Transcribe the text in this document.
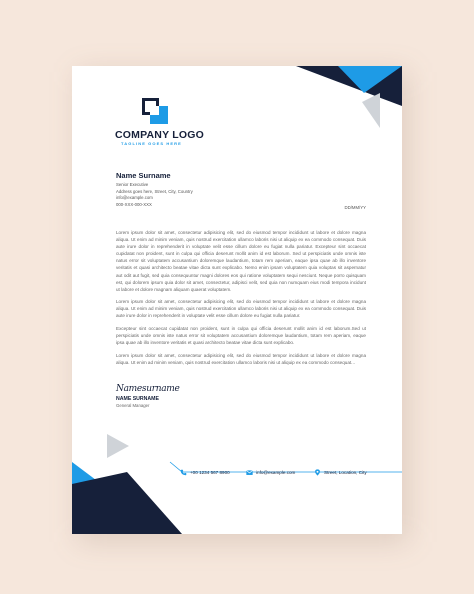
COMPANY LOGO
TAGLINE GOES HERE
Name Surname
Senior Executive
Address goes here, Street, City, Country
info@example.com
000-XXX-000-XXX
DD/MM/YY

Lorem ipsum dolor sit amet, consectetur adipisicing elit, sed do eiusmod tempor incididunt ut labore et dolore magna aliqua. Ut enim ad minim veniam, quis nostrud exercitation ullamco laboris nisi ut aliquip ex ea commodo consequat. Duis aute irure dolor in reprehenderit in voluptate velit esse cillum dolore eu fugiat nulla pariatur. Excepteur sint occaecat cupidatat non proident, sunt in culpa qui officia deserunt mollit anim id est laborum. Sed ut perspiciatis unde omnis iste natus error sit voluptatem accusantium doloremque laudantium, totam rem aperiam, eaque ipsa quae ab illo inventore veritatis et quasi architecto beatae vitae dicta sunt explicabo. Nemo enim ipsam voluptatem quia voluptas sit aspernatur aut odit aut fugit, sed quia consequuntur magni dolores eos qui ratione voluptatem sequi nesciunt. Neque porro quisquam est, qui dolorem ipsum quia dolor sit amet, consectetur, adipisci velit, sed quia non numquam eius modi tempora incidunt ut labore et dolore magnam aliquam quaerat voluptatem.

Lorem ipsum dolor sit amet, consectetur adipisicing elit, sed do eiusmod tempor incididunt ut labore et dolore magna aliqua. Ut enim ad minim veniam, quis nostrud exercitation ullamco laboris nisi ut aliquip ex ea commodo consequat. Duis aute irure dolor in reprehenderit in voluptate velit esse cillum dolore eu fugiat nulla pariatur.

Excepteur sint occaecat cupidatat non proident, sunt in culpa qui officia deserunt mollit anim id est laborum.Sed ut perspiciatis unde omnis iste natus error sit voluptatem accusantium doloremque laudantium, totam rem aperiam, eaque ipsa quae ab illo inventore veritatis et quasi architecto beatae vitae dicta sunt explicabo.

Lorem ipsum dolor sit amet, consectetur adipisicing elit, sed do eiusmod tempor incididunt ut labore et dolore magna aliqua. Ut enim ad minim veniam, quis nostrud exercitation ullamco laboris nisi ut aliquip ex ea commodo consequat...

Namesurname
NAME SURNAME
General Manager
+00 1234 567 8900	info@example.com	Street, Location, City
